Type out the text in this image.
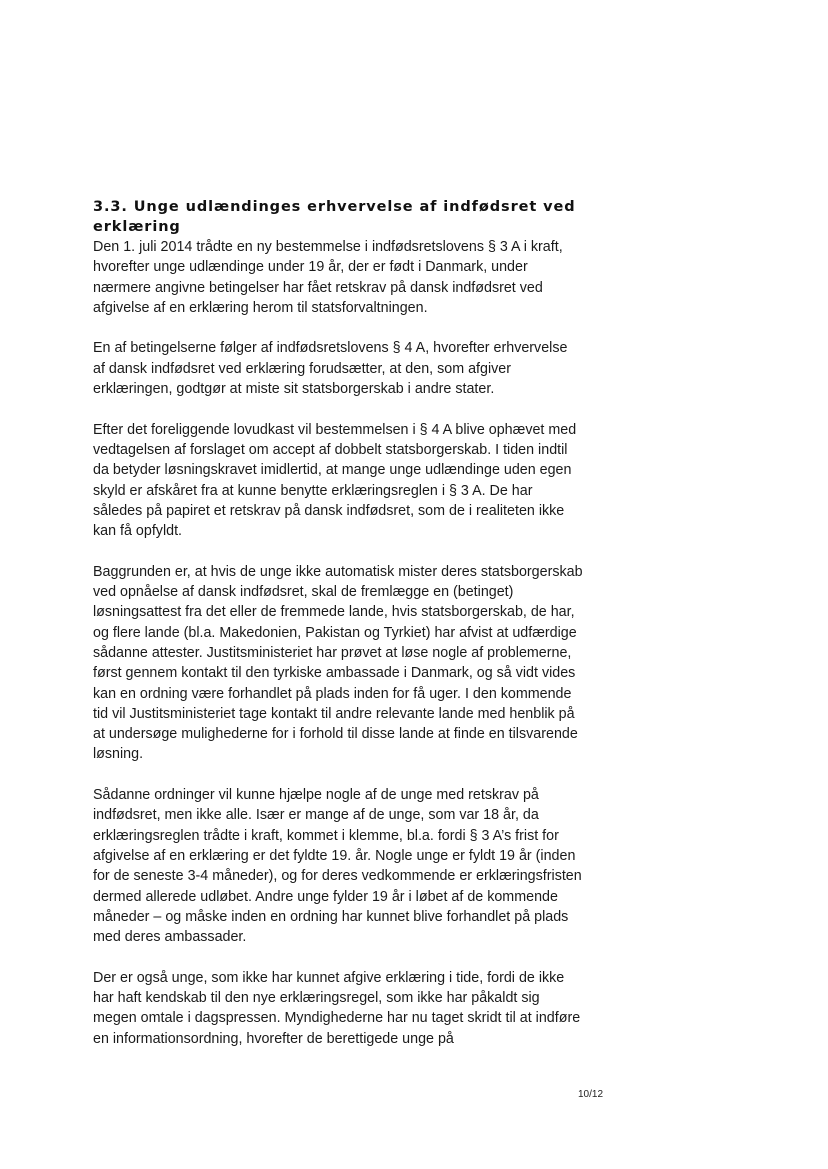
3.3. Unge udlændinges erhvervelse af indfødsret ved erklæring

Den 1. juli 2014 trådte en ny bestemmelse i indfødsretslovens § 3 A i kraft, hvorefter unge udlændinge under 19 år, der er født i Danmark, under nærmere angivne betingelser har fået retskrav på dansk indfødsret ved afgivelse af en erklæring herom til statsforvaltningen.

En af betingelserne følger af indfødsretslovens § 4 A, hvorefter erhvervelse af dansk indfødsret ved erklæring forudsætter, at den, som afgiver erklæringen, godtgør at miste sit statsborgerskab i andre stater.

Efter det foreliggende lovudkast vil bestemmelsen i § 4 A blive ophævet med vedtagelsen af forslaget om accept af dobbelt statsborgerskab. I tiden indtil da betyder løsningskravet imidlertid, at mange unge udlændinge uden egen skyld er afskåret fra at kunne benytte erklæringsreglen i § 3 A. De har således på papiret et retskrav på dansk indfødsret, som de i realiteten ikke kan få opfyldt.

Baggrunden er, at hvis de unge ikke automatisk mister deres statsborgerskab ved opnåelse af dansk indfødsret, skal de fremlægge en (betinget) løsningsattest fra det eller de fremmede lande, hvis statsborgerskab, de har, og flere lande (bl.a. Makedonien, Pakistan og Tyrkiet) har afvist at udfærdige sådanne attester. Justitsministeriet har prøvet at løse nogle af problemerne, først gennem kontakt til den tyrkiske ambassade i Danmark, og så vidt vides kan en ordning være forhandlet på plads inden for få uger. I den kommende tid vil Justitsministeriet tage kontakt til andre relevante lande med henblik på at undersøge mulighederne for i forhold til disse lande at finde en tilsvarende løsning.

Sådanne ordninger vil kunne hjælpe nogle af de unge med retskrav på indfødsret, men ikke alle. Især er mange af de unge, som var 18 år, da erklæringsreglen trådte i kraft, kommet i klemme, bl.a. fordi § 3 A’s frist for afgivelse af en erklæring er det fyldte 19. år. Nogle unge er fyldt 19 år (inden for de seneste 3-4 måneder), og for deres vedkommende er erklæringsfristen dermed allerede udløbet. Andre unge fylder 19 år i løbet af de kommende måneder – og måske inden en ordning har kunnet blive forhandlet på plads med deres ambassader.

Der er også unge, som ikke har kunnet afgive erklæring i tide, fordi de ikke har haft kendskab til den nye erklæringsregel, som ikke har påkaldt sig megen omtale i dagspressen. Myndighederne har nu taget skridt til at indføre en informationsordning, hvorefter de berettigede unge på

10/12
